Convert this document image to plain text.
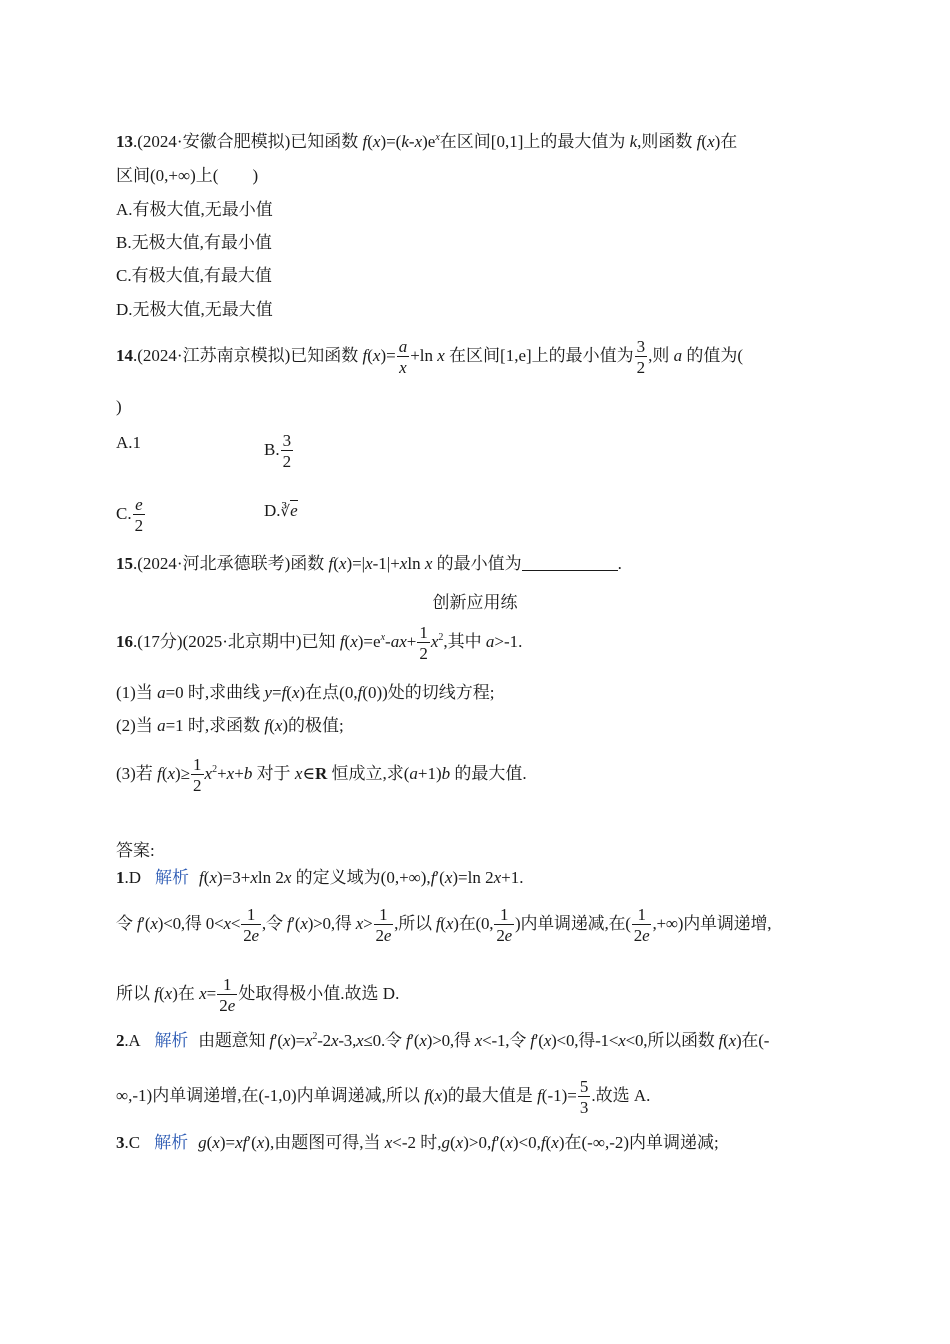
13.(2024·安徽合肥模拟)已知函数 $f(x)=(k-x)e^x$在区间[0,1]上的最大值为 k,则函数 f(x)在
区间(0,+∞)上(　　)
A.有极大值,无最小值
B.无极大值,有最小值
C.有极大值,有最大值
D.无极大值,无最大值
14.(2024·江苏南京模拟)已知函数 $f(x)= \frac{a}{x} +\ln$ x 在区间[1,e]上的最小值为 $\frac{3}{2}$ ,则 a 的值为(
)
A.1	B. $\frac{3}{2}$
C. $\frac{e}{2}$	D.∛e
15.(2024·河北承德联考)函数 f(x)=|x-1|+xln x 的最小值为	.
创新应用练
16.(17分)(2025·北京期中)已知 $f(x)=e^x-ax+ \frac{1}{2} x^2$,其中 a>-1.
(1)当 a=0 时,求曲线 y=f(x)在点(0,f(0))处的切线方程;
(2)当 a=1 时,求函数 f(x)的极值;
(3)若 $f(x)\ge \frac{1}{2} x^2+x+b$ 对于 x∈R 恒成立,求(a+1)b 的最大值.
答案:
1.D 解析 f(x)=3+xln 2x 的定义域为(0,+∞),f′(x)=ln 2x+1.
令 f′(x)<0,得 $0<x< \frac{1}{2e}$ ,令 f′(x)>0,得 $x> \frac{1}{2e}$ ,所以 f(x)在(0, $\frac{1}{2e}$ )内单调递减,在( $\frac{1}{2e}$ ,+∞)内单调递增,
所以 f(x)在 $x= \frac{1}{2e}$ 处取得极小值.故选 D.
2.A 解析 由题意知 $f'(x)=x^2-2x-3,x\le 0$.令 f′(x)>0,得 x<-1,令 f′(x)<0,得-1<x<0,所以函数 f(x)在(-
∞,-1)内单调递增,在(-1,0)内单调递减,所以 f(x)的最大值是 $f(-1)= \frac{5}{3}$ .故选 A.
3.C 解析 g(x)=xf′(x),由题图可得,当 x<-2 时,g(x)>0,f′(x)<0,f(x)在(-∞,-2)内单调递减;
